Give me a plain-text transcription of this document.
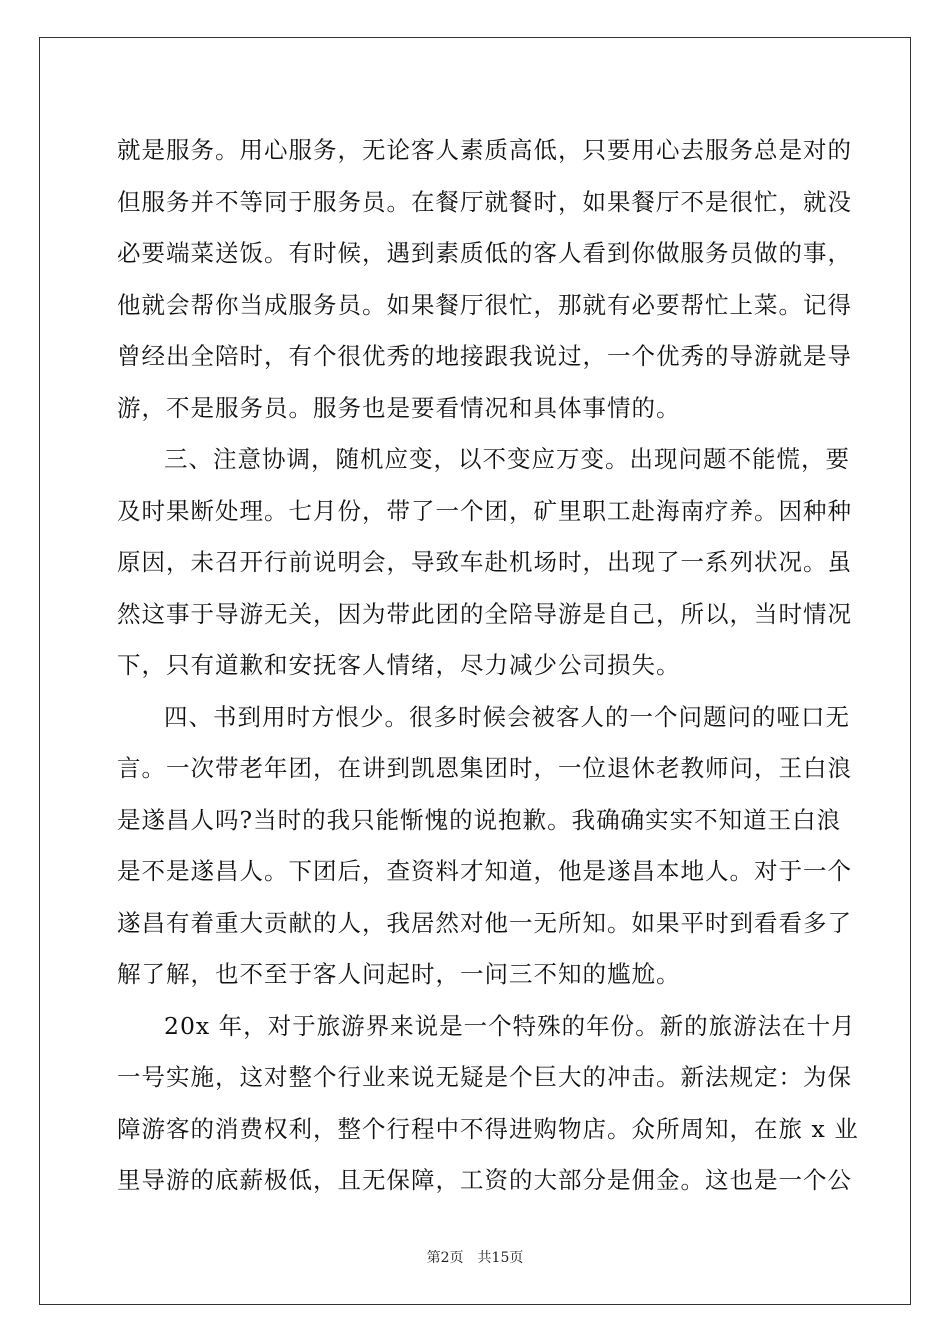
就是服务。用心服务，无论客人素质高低，只要用心去服务总是对的
但服务并不等同于服务员。在餐厅就餐时，如果餐厅不是很忙，就没
必要端菜送饭。有时候，遇到素质低的客人看到你做服务员做的事，
他就会帮你当成服务员。如果餐厅很忙，那就有必要帮忙上菜。记得
曾经出全陪时，有个很优秀的地接跟我说过，一个优秀的导游就是导
游，不是服务员。服务也是要看情况和具体事情的。
三、注意协调，随机应变，以不变应万变。出现问题不能慌，要
及时果断处理。七月份，带了一个团，矿里职工赴海南疗养。因种种
原因，未召开行前说明会，导致车赴机场时，出现了一系列状况。虽
然这事于导游无关，因为带此团的全陪导游是自己，所以，当时情况
下，只有道歉和安抚客人情绪，尽力减少公司损失。
四、书到用时方恨少。很多时候会被客人的一个问题问的哑口无
言。一次带老年团，在讲到凯恩集团时，一位退休老教师问，王白浪
是遂昌人吗?当时的我只能惭愧的说抱歉。我确确实实不知道王白浪
是不是遂昌人。下团后，查资料才知道，他是遂昌本地人。对于一个
遂昌有着重大贡献的人，我居然对他一无所知。如果平时到看看多了
解了解，也不至于客人问起时，一问三不知的尴尬。
20x 年，对于旅游界来说是一个特殊的年份。新的旅游法在十月
一号实施，这对整个行业来说无疑是个巨大的冲击。新法规定：为保
障游客的消费权利，整个行程中不得进购物店。众所周知，在旅 x 业
里导游的底薪极低，且无保障，工资的大部分是佣金。这也是一个公
第2页 共15页
